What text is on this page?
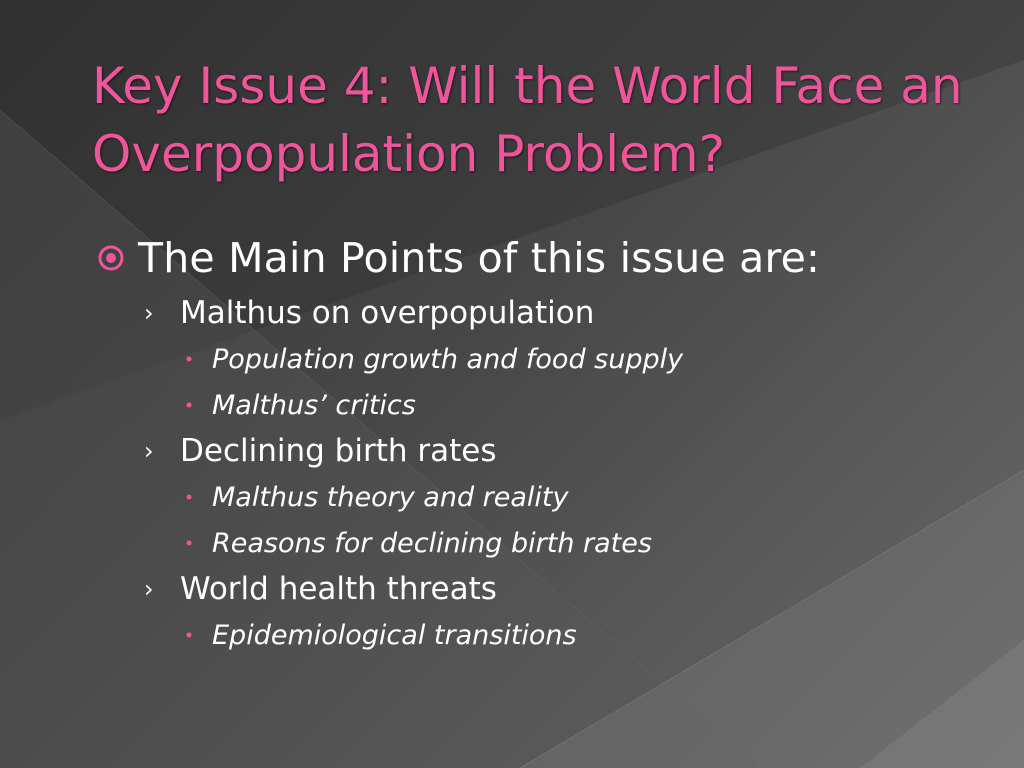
Key Issue 4: Will the World Face an Overpopulation Problem?
The Main Points of this issue are:
› Malthus on overpopulation
Population growth and food supply
Malthus’ critics
› Declining birth rates
Malthus theory and reality
Reasons for declining birth rates
› World health threats
Epidemiological transitions
